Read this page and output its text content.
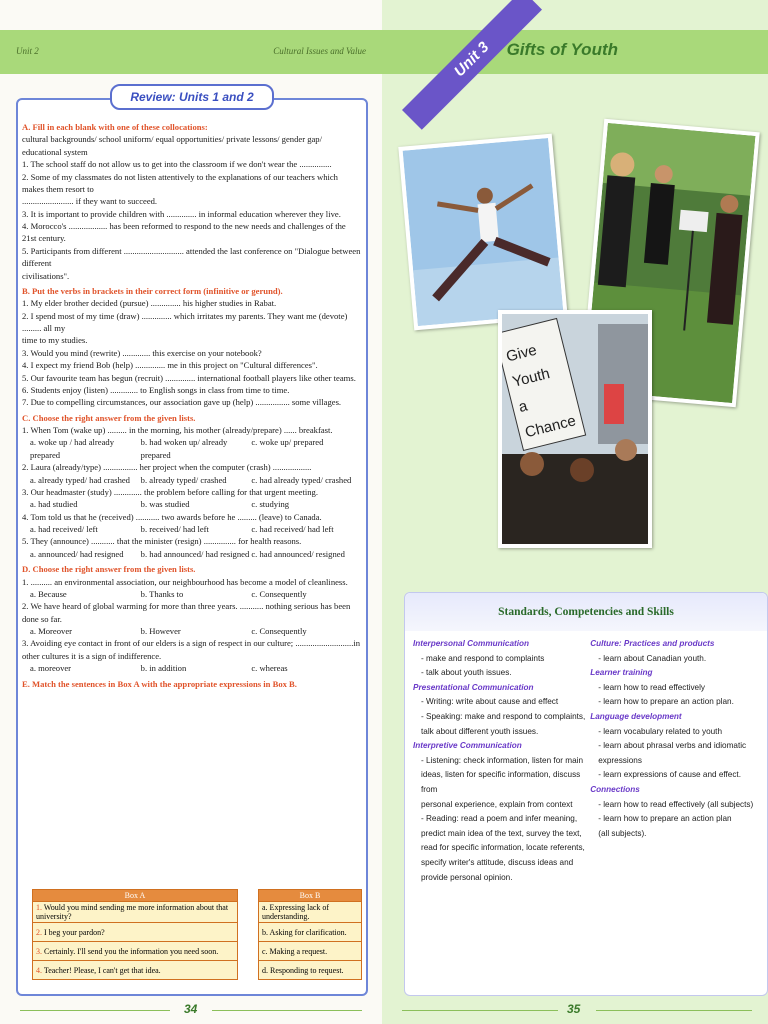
Unit 2	Cultural Issues and Value
Review: Units 1 and 2

A. Fill in each blank with one of these collocations:

cultural backgrounds/ school uniform/ equal opportunities/ private lessons/ gender gap/ educational system

1. The school staff do not allow us to get into the classroom if we don't wear the ...............

2. Some of my classmates do not listen attentively to the explanations of our teachers which makes them resort to

........................ if they want to succeed.

3. It is important to provide children with .............. in informal education wherever they live.

4. Morocco's .................. has been reformed to respond to the new needs and challenges of the 21st century.

5. Participants from different ............................ attended the last conference on "Dialogue between different

civilisations".

B. Put the verbs in brackets in their correct form (infinitive or gerund).

1. My elder brother decided (pursue) .............. his higher studies in Rabat.

2. I spend most of my time (draw) .............. which irritates my parents. They want me (devote) ......... all my

time to my studies.

3. Would you mind (rewrite) ............. this exercise on your notebook?

4. I expect my friend Bob (help) .............. me in this project on "Cultural differences".

5. Our favourite team has begun (recruit) .............. international football players like other teams.

6. Students enjoy (listen) ............. to English songs in class from time to time.

7. Due to compelling circumstances, our association gave up (help) ................ some villages.

C. Choose the right answer from the given lists.

1. When Tom (wake up) ......... in the morning, his mother (already/prepare) ...... breakfast.

a. woke up / had already prepared
b. had woken up/ already prepared
c. woke up/ prepared

2. Laura (already/type) ................ her project when the computer (crash) ..................

a. already typed/ had crashed	b. already typed/ crashed	c. had already typed/ crashed

3. Our headmaster (study) ............. the problem before calling for that urgent meeting.

a. had studied	b. was studied	c. studying

4. Tom told us that he (received) ........... two awards before he ......... (leave) to Canada.

a. had received/ left	b. received/ had left	c. had received/ had left

5. They (announce) ........... that the minister (resign) ............... for health reasons.

a. announced/ had resigned	b. had announced/ had resigned c. had announced/ resigned

D. Choose the right answer from the given lists.

1. .......... an environmental association, our neighbourhood has become a model of cleanliness.

a. Because	b. Thanks to	c. Consequently

2. We have heard of global warming for more than three years. ........... nothing serious has been done so far.

a. Moreover	b. However	c. Consequently

3. Avoiding eye contact in front of our elders is a sign of respect in our culture; ...........................in other cultures it is a sign of indifference.

a. moreover	b. in addition	c. whereas

E. Match the sentences in Box A with the appropriate expressions in Box B.

Box A
1. Would you mind sending me more information about that university?
2. I beg your pardon?
3. Certainly. I'll send you the information you need soon.
4. Teacher! Please, I can't get that idea.
Box B
a. Expressing lack of understanding.
b. Asking for clarification.
c. Making a request.
d. Responding to request.
34
Unit 3 Gifts of Youth
GiveYouthaChance
Standards, Competencies and Skills
Interpersonal Communication
- make and respond to complaints
- talk about youth issues.
Presentational Communication
- Writing: write about cause and effect
- Speaking: make and respond to complaints,
talk about different youth issues.
Interpretive Communication
- Listening: check information, listen for main
ideas, listen for specific information, discuss from
personal experience, explain from context
- Reading: read a poem and infer meaning,
predict main idea of the text, survey the text,
read for specific information, locate referents,
specify writer's attitude, discuss ideas and
provide personal opinion.
Culture: Practices and products
- learn about Canadian youth.
Learner training
- learn how to read effectively
- learn how to prepare an action plan.
Language development
- learn vocabulary related to youth
- learn about phrasal verbs and idiomatic
expressions
- learn expressions of cause and effect.
Connections
- learn how to read effectively (all subjects)
- learn how to prepare an action plan
(all subjects).
35
